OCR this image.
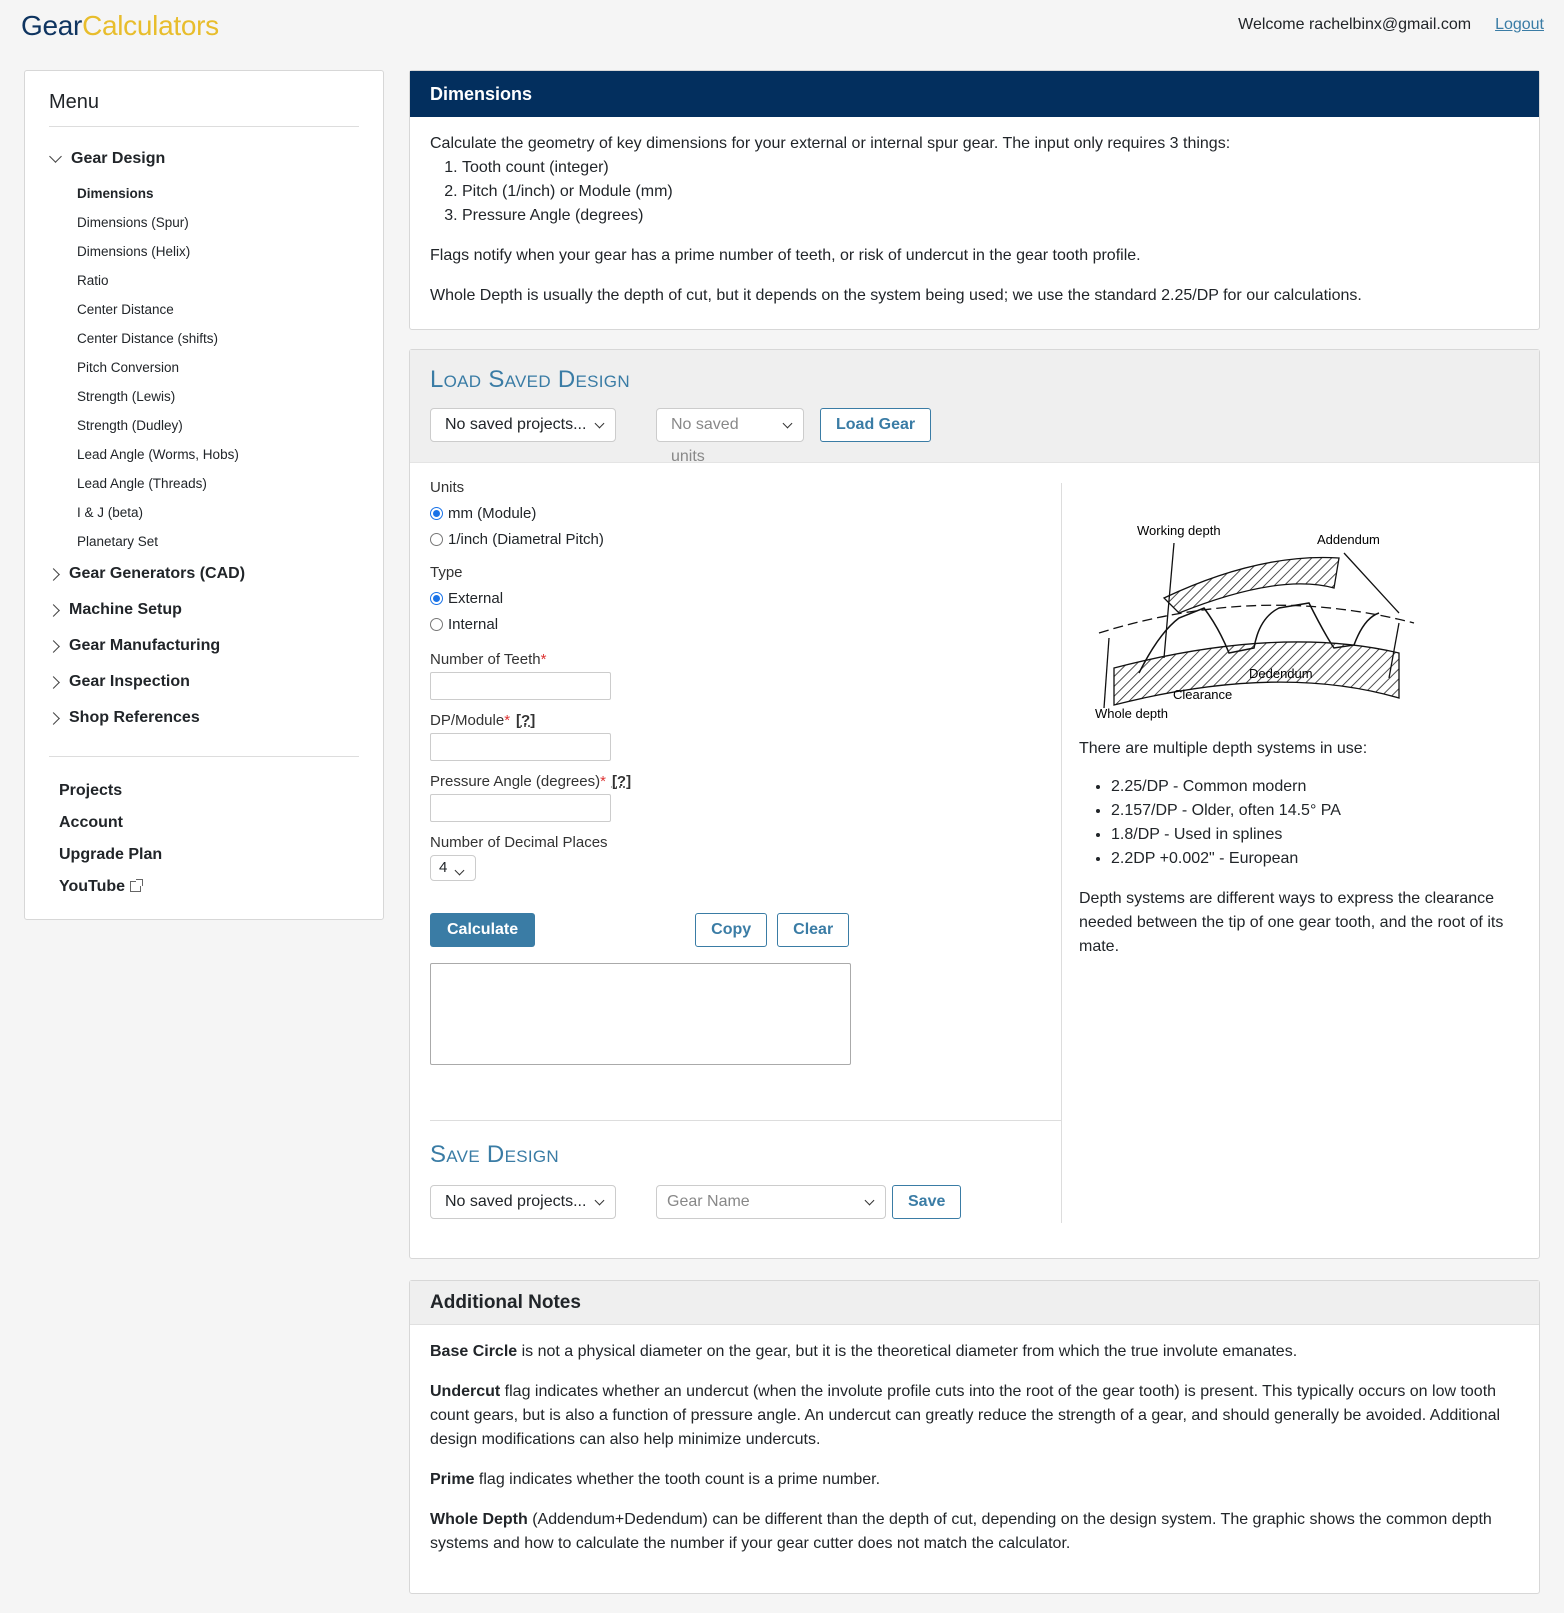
GearCalculators	Welcome rachelbinx@gmail.com Logout
Menu
Gear Design
Dimensions
Dimensions (Spur)
Dimensions (Helix)
Ratio
Center Distance
Center Distance (shifts)
Pitch Conversion
Strength (Lewis)
Strength (Dudley)
Lead Angle (Worms, Hobs)
Lead Angle (Threads)
I & J (beta)
Planetary Set
Gear Generators (CAD)
Machine Setup
Gear Manufacturing
Gear Inspection
Shop References
Projects
Account
Upgrade Plan
YouTube
Dimensions
Calculate the geometry of key dimensions for your external or internal spur gear. The input only requires 3 things:
1. Tooth count (integer)
2. Pitch (1/inch) or Module (mm)
3. Pressure Angle (degrees)

Flags notify when your gear has a prime number of teeth, or risk of undercut in the gear tooth profile.

Whole Depth is usually the depth of cut, but it depends on the system being used; we use the standard 2.25/DP for our calculations.

Load Saved Design
No saved projects...	No saved units
Load Gear
Units
mm (Module)
1/inch (Diametral Pitch)
Type
External
Internal
Number of Teeth*
DP/Module* [?]
Pressure Angle (degrees)* [?]
Number of Decimal Places
4
Calculate	Copy	Clear
Save Design
No saved projects...	Gear Name	Save
Working depth
Addendum
Dedendum
Clearance
Whole depth
There are multiple depth systems in use:
• 2.25/DP - Common modern
• 2.157/DP - Older, often 14.5° PA
• 1.8/DP - Used in splines
• 2.2DP +0.002" - European
Depth systems are different ways to express the clearance needed between the tip of one gear tooth, and the root of its mate.
Additional Notes

Base Circle is not a physical diameter on the gear, but it is the theoretical diameter from which the true involute emanates.

Undercut flag indicates whether an undercut (when the involute profile cuts into the root of the gear tooth) is present. This typically occurs on low tooth count gears, but is also a function of pressure angle. An undercut can greatly reduce the strength of a gear, and should generally be avoided. Additional design modifications can also help minimize undercuts.

Prime flag indicates whether the tooth count is a prime number.

Whole Depth (Addendum+Dedendum) can be different than the depth of cut, depending on the design system. The graphic shows the common depth systems and how to calculate the number if your gear cutter does not match the calculator.
